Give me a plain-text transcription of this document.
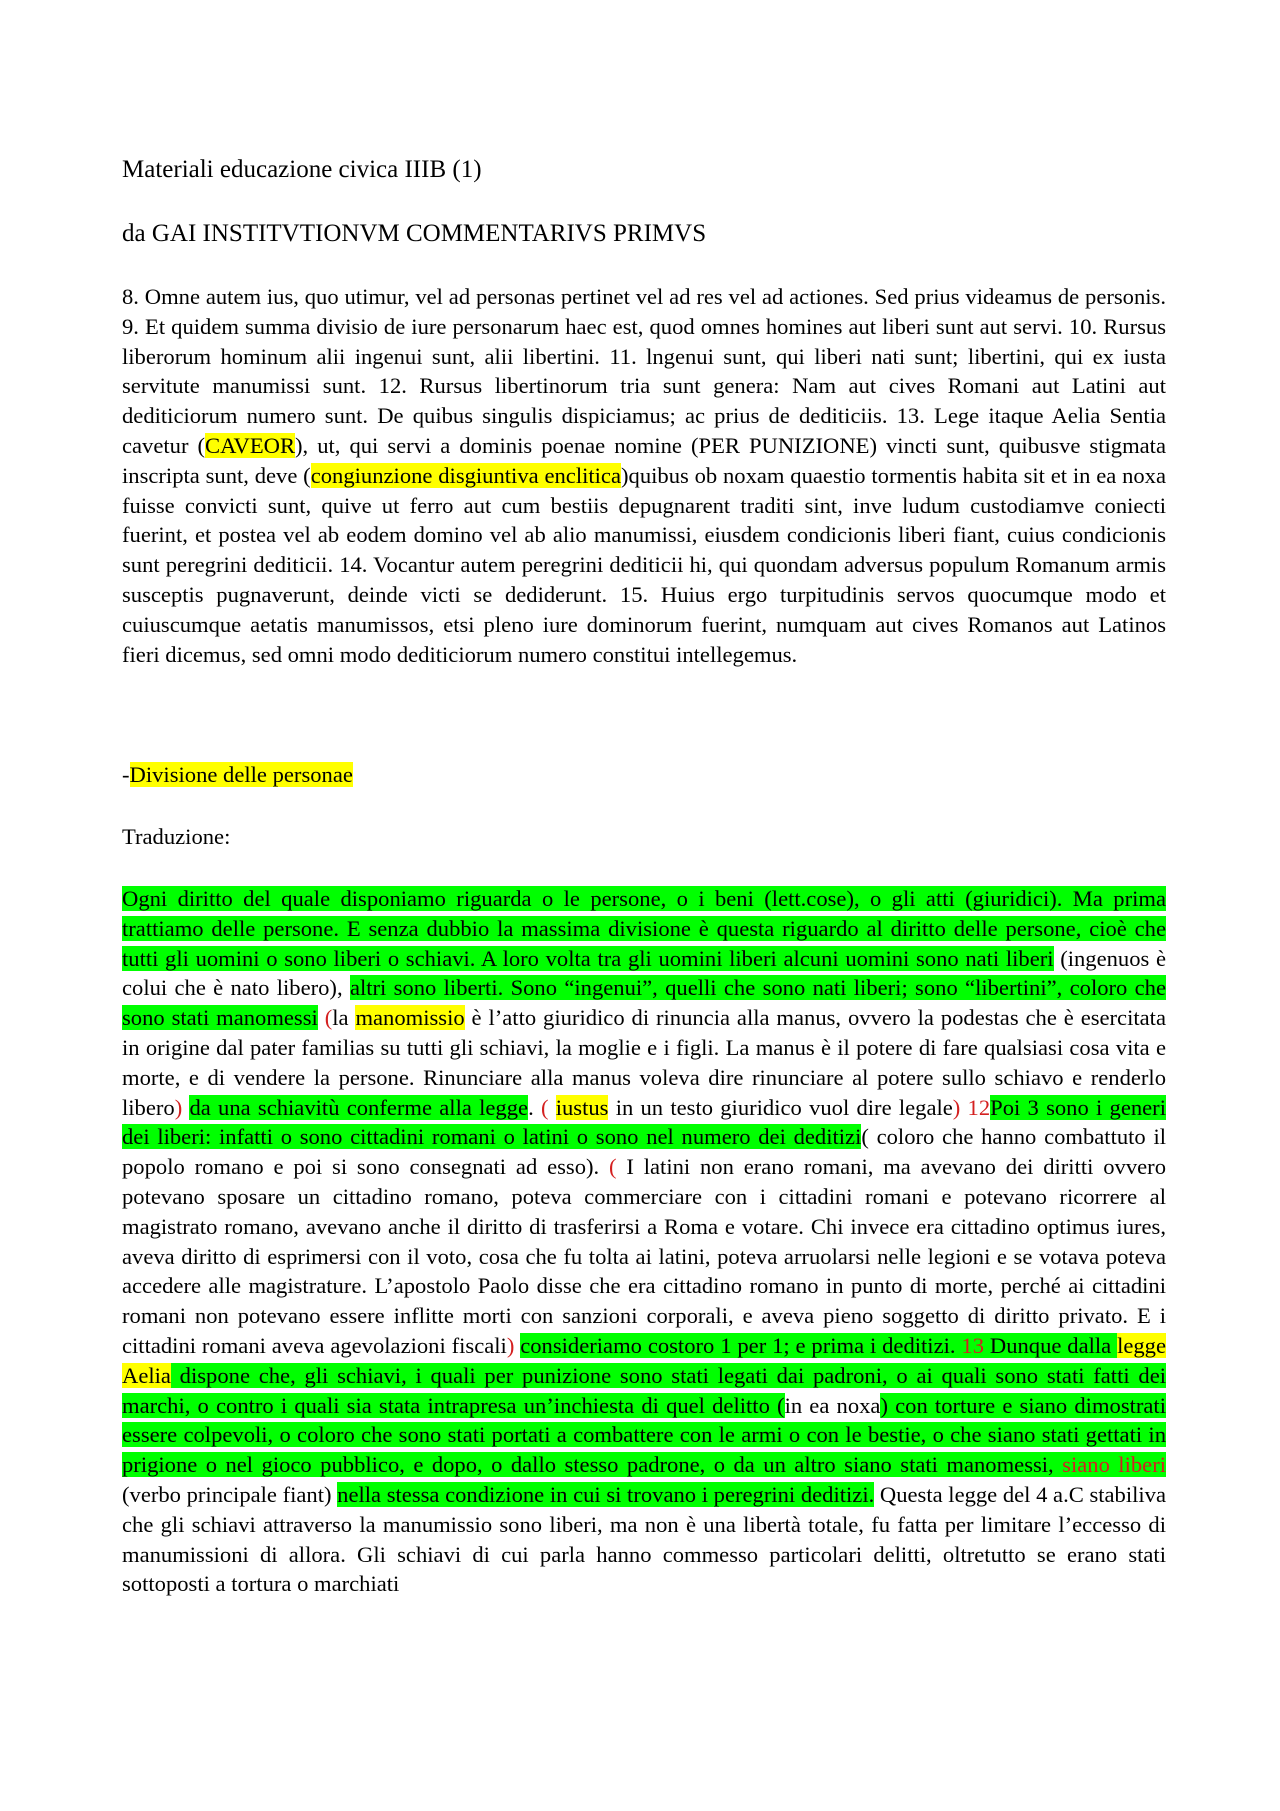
Materiali educazione civica IIIB (1)
da GAI INSTITVTIONVM COMMENTARIVS PRIMVS

8. Omne autem ius, quo utimur, vel ad personas pertinet vel ad res vel ad actiones. Sed prius videamus de personis. 9. Et quidem summa divisio de iure personarum haec est, quod omnes homines aut liberi sunt aut servi. 10. Rursus liberorum hominum alii ingenui sunt, alii libertini. 11. lngenui sunt, qui liberi nati sunt; libertini, qui ex iusta servitute manumissi sunt. 12. Rursus libertinorum tria sunt genera: Nam aut cives Romani aut Latini aut dediticiorum numero sunt. De quibus singulis dispiciamus; ac prius de dediticiis. 13. Lege itaque Aelia Sentia cavetur (CAVEOR), ut, qui servi a dominis poenae nomine (PER PUNIZIONE) vincti sunt, quibusve stigmata inscripta sunt, deve (congiunzione disgiuntiva enclitica)quibus ob noxam quaestio tormentis habita sit et in ea noxa fuisse convicti sunt, quive ut ferro aut cum bestiis depugnarent traditi sint, inve ludum custodiamve coniecti fuerint, et postea vel ab eodem domino vel ab alio manumissi, eiusdem condicionis liberi fiant, cuius condicionis sunt peregrini dediticii. 14. Vocantur autem peregrini dediticii hi, qui quondam adversus populum Romanum armis susceptis pugnaverunt, deinde victi se dediderunt. 15. Huius ergo turpitudinis servos quocumque modo et cuiuscumque aetatis manumissos, etsi pleno iure dominorum fuerint, numquam aut cives Romanos aut Latinos fieri dicemus, sed omni modo dediticiorum numero constitui intellegemus.

-Divisione delle personae

Traduzione:

Ogni diritto del quale disponiamo riguarda o le persone, o i beni (lett.cose), o gli atti (giuridici). Ma prima trattiamo delle persone. E senza dubbio la massima divisione è questa riguardo al diritto delle persone, cioè che tutti gli uomini o sono liberi o schiavi. A loro volta tra gli uomini liberi alcuni uomini sono nati liberi (ingenuos è colui che è nato libero), altri sono liberti. Sono “ingenui”, quelli che sono nati liberi; sono “libertini”, coloro che sono stati manomessi (la manomissio è l’atto giuridico di rinuncia alla manus, ovvero la podestas che è esercitata in origine dal pater familias su tutti gli schiavi, la moglie e i figli. La manus è il potere di fare qualsiasi cosa vita e morte, e di vendere la persone. Rinunciare alla manus voleva dire rinunciare al potere sullo schiavo e renderlo libero) da una schiavitù conferme alla legge. ( iustus in un testo giuridico vuol dire legale) 12Poi 3 sono i generi dei liberi: infatti o sono cittadini romani o latini o sono nel numero dei deditizi( coloro che hanno combattuto il popolo romano e poi si sono consegnati ad esso). ( I latini non erano romani, ma avevano dei diritti ovvero potevano sposare un cittadino romano, poteva commerciare con i cittadini romani e potevano ricorrere al magistrato romano, avevano anche il diritto di trasferirsi a Roma e votare. Chi invece era cittadino optimus iures, aveva diritto di esprimersi con il voto, cosa che fu tolta ai latini, poteva arruolarsi nelle legioni e se votava poteva accedere alle magistrature. L’apostolo Paolo disse che era cittadino romano in punto di morte, perché ai cittadini romani non potevano essere inflitte morti con sanzioni corporali, e aveva pieno soggetto di diritto privato. E i cittadini romani aveva agevolazioni fiscali) consideriamo costoro 1 per 1; e prima i deditizi. 13 Dunque dalla legge Aelia dispone che, gli schiavi, i quali per punizione sono stati legati dai padroni, o ai quali sono stati fatti dei marchi, o contro i quali sia stata intrapresa un’inchiesta di quel delitto (in ea noxa) con torture e siano dimostrati essere colpevoli, o coloro che sono stati portati a combattere con le armi o con le bestie, o che siano stati gettati in prigione o nel gioco pubblico, e dopo, o dallo stesso padrone, o da un altro siano stati manomessi, siano liberi (verbo principale fiant) nella stessa condizione in cui si trovano i peregrini deditizi. Questa legge del 4 a.C stabiliva che gli schiavi attraverso la manumissio sono liberi, ma non è una libertà totale, fu fatta per limitare l’eccesso di manumissioni di allora. Gli schiavi di cui parla hanno commesso particolari delitti, oltretutto se erano stati sottoposti a tortura o marchiati
